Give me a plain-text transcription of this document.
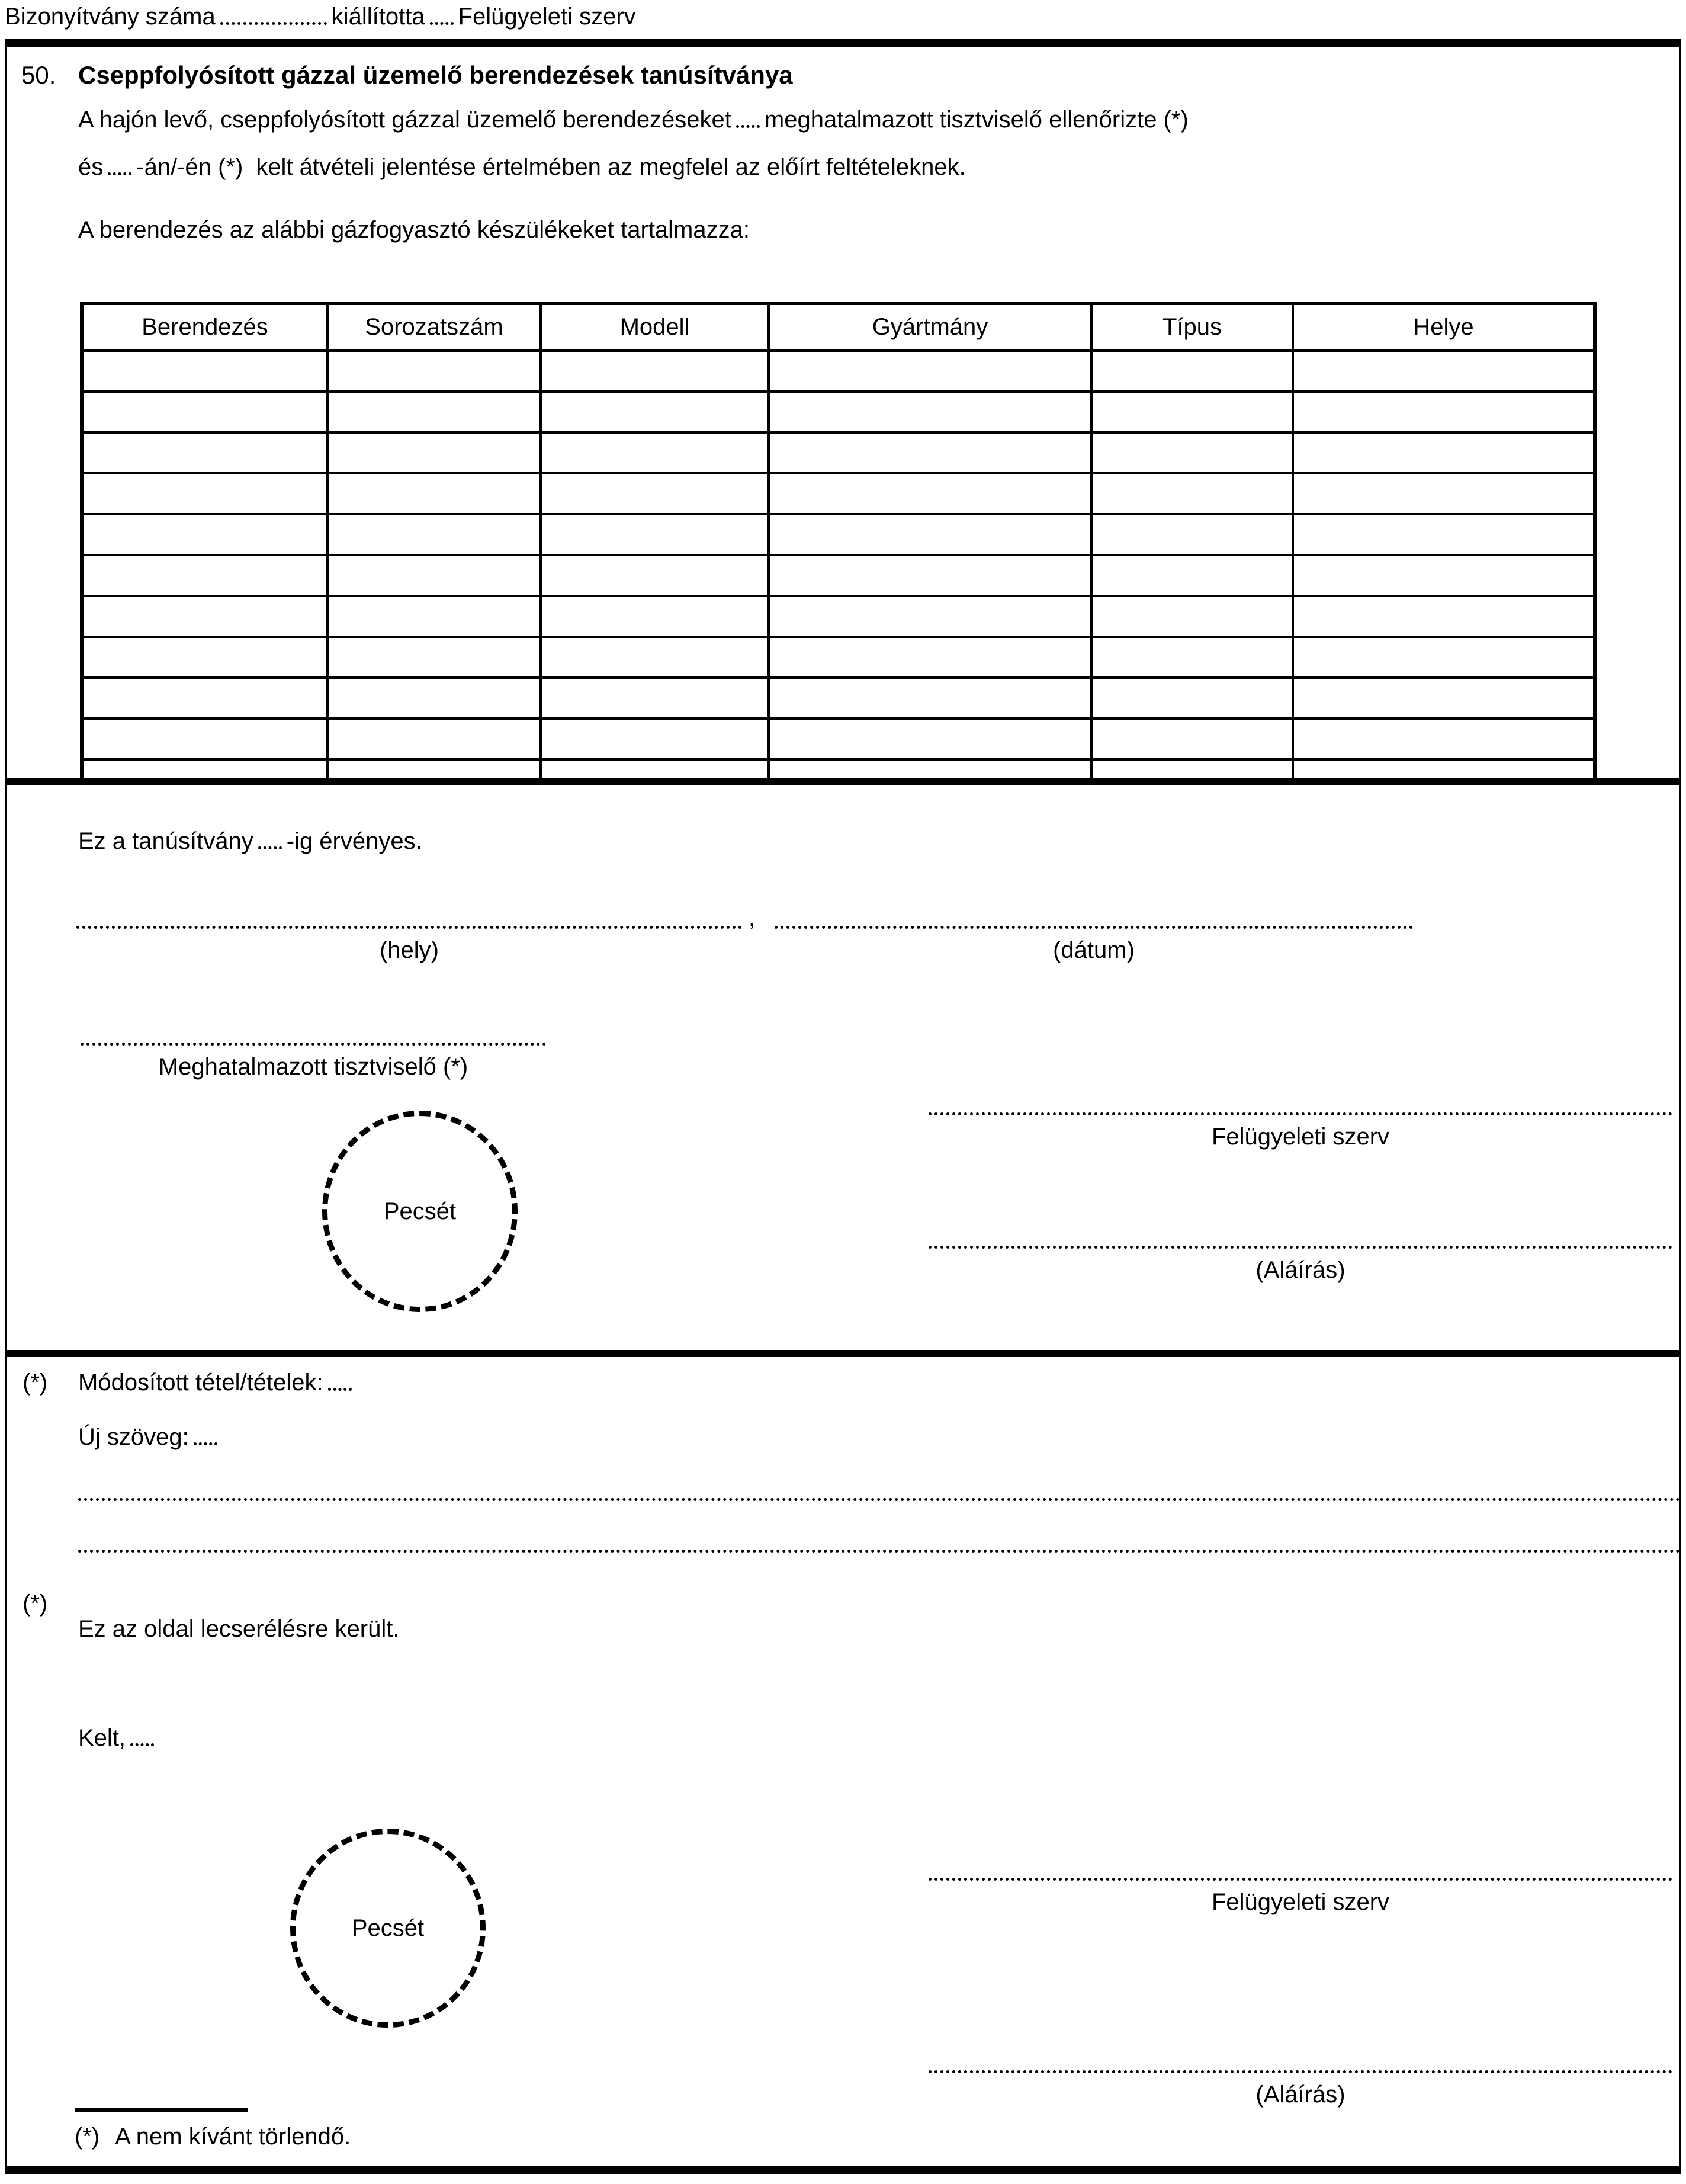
Bizonyítvány száma	kiállította Felügyeleti szerv
50. Cseppfolyósított gázzal üzemelő berendezések tanúsítványa
A hajón levő, cseppfolyósított gázzal üzemelő berendezéseket meghatalmazott tisztviselő ellenőrizte (*)
és -án/-én (*) kelt átvételi jelentése értelmében az megfelel az előírt feltételeknek.
A berendezés az alábbi gázfogyasztó készülékeket tartalmazza:
Berendezés	Sorozatszám	Modell	Gyártmány	Típus	Helye

Ez a tanúsítvány -ig érvényes.
(hely)
,
(dátum)
Meghatalmazott tisztviselő (*)
Pecsét
Felügyeleti szerv
(Aláírás)
(*) Módosított tétel/tételek:
Új szöveg:
(*)
Ez az oldal lecserélésre került.
Kelt,
Pecsét
Felügyeleti szerv
(Aláírás)
(*) A nem kívánt törlendő.
